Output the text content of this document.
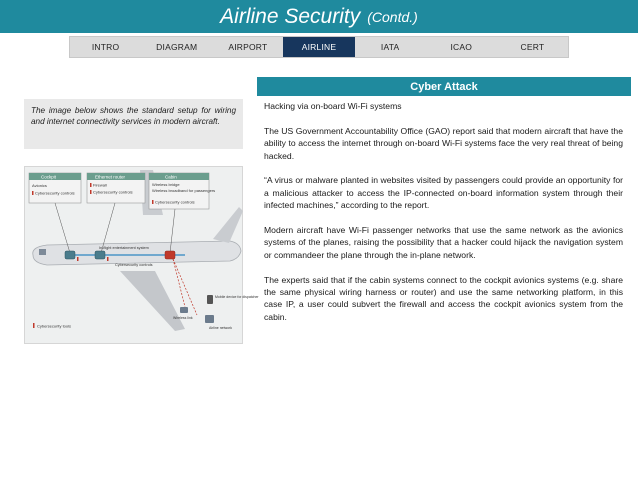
Airline Security (Contd.)
INTRO	DIAGRAM	AIRPORT	AIRLINE	IATA	ICAO	CERT
The image below shows the standard setup for wiring and internet connectivity services in modern aircraft.
Cockpit
Avionics
Cybersecurity controls
Ethernet router
Firewall
Cybersecurity controls
Cabin
Wireless bridge
Wireless broadband for passengers
Cybersecurity controls
In-flight entertainment system
Cybersecurity controls
Mobile device for dispatcher
Wireless link
Airline network
Cybersecurity tools
Cyber Attack

Hacking via on-board Wi-Fi systems

The US Government Accountability Office (GAO) report said that modern aircraft that have the ability to access the internet through on-board Wi-Fi systems face the very real threat of being hacked.

“A virus or malware planted in websites visited by passengers could provide an opportunity for a malicious attacker to access the IP-connected on-board information system through their infected machines,” according to the report.

Modern aircraft have Wi-Fi passenger networks that use the same network as the avionics systems of the planes, raising the possibility that a hacker could hijack the navigation system or commandeer the plane through the in-plane network.

The experts said that if the cabin systems connect to the cockpit avionics systems (e.g. share the same physical wiring harness or router) and use the same networking platform, in this case IP, a user could subvert the firewall and access the cockpit avionics system from the cabin.
